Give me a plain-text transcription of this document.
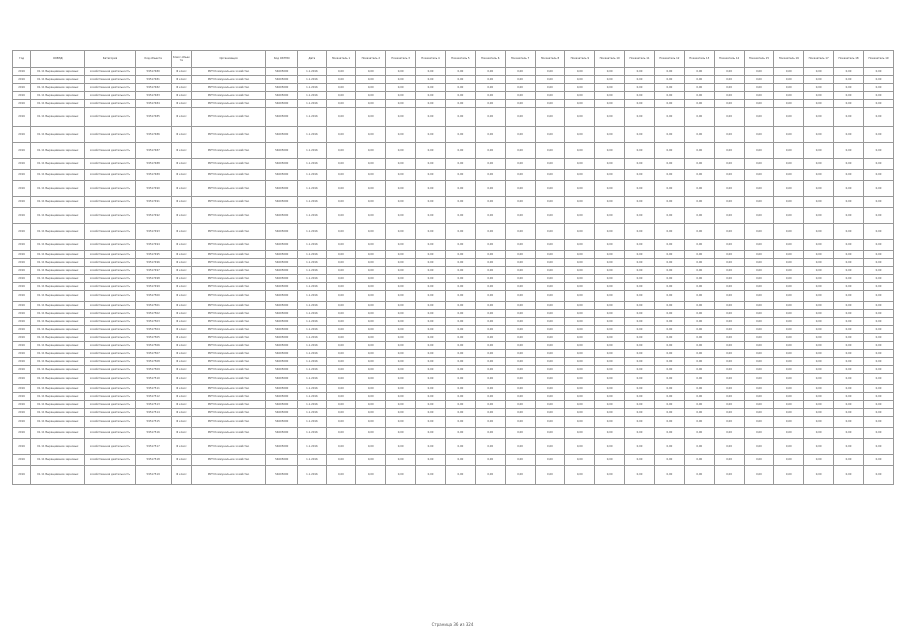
Год	ОКВЭД	Категория	Код объекта	Класс объекта	Организация	Код ОКТМО	Дата	Показатель 1	Показатель 2	Показатель 3	Показатель 4	Показатель 5	Показатель 6	Показатель 7	Показатель 8	Показатель 9	Показатель 10	Показатель 11	Показатель 12	Показатель 13	Показатель 14	Показатель 15	Показатель 16	Показатель 17	Показатель 18	Показатель 19
2016	01.11 Выращивание зерновых	хозяйственная деятельность	59517480	III класс	МУП Коммунальное хозяйство	54605000	1.1.2016	0,00	0,00	0,00	0,00	0,00	0,00	0,00	0,00	0,00	0,00	0,00	0,00	0,00	0,00	0,00	0,00	0,00	0,00	0,00
2016	01.11 Выращивание зерновых	хозяйственная деятельность	59517481	III класс	МУП Коммунальное хозяйство	54605000	1.1.2016	0,00	0,00	0,00	0,00	0,00	0,00	0,00	0,00	0,00	0,00	0,00	0,00	0,00	0,00	0,00	0,00	0,00	0,00	0,00
2016	01.11 Выращивание зерновых	хозяйственная деятельность	59517482	III класс	МУП Коммунальное хозяйство	54605000	1.1.2016	0,00	0,00	0,00	0,00	0,00	0,00	0,00	0,00	0,00	0,00	0,00	0,00	0,00	0,00	0,00	0,00	0,00	0,00	0,00
2016	01.11 Выращивание зерновых	хозяйственная деятельность	59517483	III класс	МУП Коммунальное хозяйство	54605000	1.1.2016	0,00	0,00	0,00	0,00	0,00	0,00	0,00	0,00	0,00	0,00	0,00	0,00	0,00	0,00	0,00	0,00	0,00	0,00	0,00
2016	01.11 Выращивание зерновых	хозяйственная деятельность	59517484	III класс	МУП Коммунальное хозяйство	54605000	1.1.2016	0,00	0,00	0,00	0,00	0,00	0,00	0,00	0,00	0,00	0,00	0,00	0,00	0,00	0,00	0,00	0,00	0,00	0,00	0,00
2016	01.11 Выращивание зерновых	хозяйственная деятельность	59517485	III класс	МУП Коммунальное хозяйство	54605000	1.1.2016	0,00	0,00	0,00	0,00	0,00	0,00	0,00	0,00	0,00	0,00	0,00	0,00	0,00	0,00	0,00	0,00	0,00	0,00	0,00
2016	01.11 Выращивание зерновых	хозяйственная деятельность	59517486	III класс	МУП Коммунальное хозяйство	54605000	1.1.2016	0,00	0,00	0,00	0,00	0,00	0,00	0,00	0,00	0,00	0,00	0,00	0,00	0,00	0,00	0,00	0,00	0,00	0,00	0,00
2016	01.11 Выращивание зерновых	хозяйственная деятельность	59517487	III класс	МУП Коммунальное хозяйство	54605000	1.1.2016	0,00	0,00	0,00	0,00	0,00	0,00	0,00	0,00	0,00	0,00	0,00	0,00	0,00	0,00	0,00	0,00	0,00	0,00	0,00
2016	01.11 Выращивание зерновых	хозяйственная деятельность	59517488	III класс	МУП Коммунальное хозяйство	54605000	1.1.2016	0,00	0,00	0,00	0,00	0,00	0,00	0,00	0,00	0,00	0,00	0,00	0,00	0,00	0,00	0,00	0,00	0,00	0,00	0,00
2016	01.11 Выращивание зерновых	хозяйственная деятельность	59517489	III класс	МУП Коммунальное хозяйство	54605000	1.1.2016	0,00	0,00	0,00	0,00	0,00	0,00	0,00	0,00	0,00	0,00	0,00	0,00	0,00	0,00	0,00	0,00	0,00	0,00	0,00
2016	01.11 Выращивание зерновых	хозяйственная деятельность	59517490	III класс	МУП Коммунальное хозяйство	54605000	1.1.2016	0,00	0,00	0,00	0,00	0,00	0,00	0,00	0,00	0,00	0,00	0,00	0,00	0,00	0,00	0,00	0,00	0,00	0,00	0,00
2016	01.11 Выращивание зерновых	хозяйственная деятельность	59517491	III класс	МУП Коммунальное хозяйство	54605000	1.1.2016	0,00	0,00	0,00	0,00	0,00	0,00	0,00	0,00	0,00	0,00	0,00	0,00	0,00	0,00	0,00	0,00	0,00	0,00	0,00
2016	01.11 Выращивание зерновых	хозяйственная деятельность	59517492	III класс	МУП Коммунальное хозяйство	54605000	1.1.2016	0,00	0,00	0,00	0,00	0,00	0,00	0,00	0,00	0,00	0,00	0,00	0,00	0,00	0,00	0,00	0,00	0,00	0,00	0,00
2016	01.11 Выращивание зерновых	хозяйственная деятельность	59517493	III класс	МУП Коммунальное хозяйство	54605000	1.1.2016	0,00	0,00	0,00	0,00	0,00	0,00	0,00	0,00	0,00	0,00	0,00	0,00	0,00	0,00	0,00	0,00	0,00	0,00	0,00
2016	01.11 Выращивание зерновых	хозяйственная деятельность	59517494	III класс	МУП Коммунальное хозяйство	54605000	1.1.2016	0,00	0,00	0,00	0,00	0,00	0,00	0,00	0,00	0,00	0,00	0,00	0,00	0,00	0,00	0,00	0,00	0,00	0,00	0,00
2016	01.11 Выращивание зерновых	хозяйственная деятельность	59517495	III класс	МУП Коммунальное хозяйство	54605000	1.1.2016	0,00	0,00	0,00	0,00	0,00	0,00	0,00	0,00	0,00	0,00	0,00	0,00	0,00	0,00	0,00	0,00	0,00	0,00	0,00
2016	01.11 Выращивание зерновых	хозяйственная деятельность	59517496	III класс	МУП Коммунальное хозяйство	54605000	1.1.2016	0,00	0,00	0,00	0,00	0,00	0,00	0,00	0,00	0,00	0,00	0,00	0,00	0,00	0,00	0,00	0,00	0,00	0,00	0,00
2016	01.11 Выращивание зерновых	хозяйственная деятельность	59517497	III класс	МУП Коммунальное хозяйство	54605000	1.1.2016	0,00	0,00	0,00	0,00	0,00	0,00	0,00	0,00	0,00	0,00	0,00	0,00	0,00	0,00	0,00	0,00	0,00	0,00	0,00
2016	01.11 Выращивание зерновых	хозяйственная деятельность	59517498	III класс	МУП Коммунальное хозяйство	54605000	1.1.2016	0,00	0,00	0,00	0,00	0,00	0,00	0,00	0,00	0,00	0,00	0,00	0,00	0,00	0,00	0,00	0,00	0,00	0,00	0,00
2016	01.11 Выращивание зерновых	хозяйственная деятельность	59517499	III класс	МУП Коммунальное хозяйство	54605000	1.1.2016	0,00	0,00	0,00	0,00	0,00	0,00	0,00	0,00	0,00	0,00	0,00	0,00	0,00	0,00	0,00	0,00	0,00	0,00	0,00
2016	01.11 Выращивание зерновых	хозяйственная деятельность	59517500	III класс	МУП Коммунальное хозяйство	54605000	1.1.2016	0,00	0,00	0,00	0,00	0,00	0,00	0,00	0,00	0,00	0,00	0,00	0,00	0,00	0,00	0,00	0,00	0,00	0,00	0,00
2016	01.11 Выращивание зерновых	хозяйственная деятельность	59517501	III класс	МУП Коммунальное хозяйство	54605000	1.1.2016	0,00	0,00	0,00	0,00	0,00	0,00	0,00	0,00	0,00	0,00	0,00	0,00	0,00	0,00	0,00	0,00	0,00	0,00	0,00
2016	01.11 Выращивание зерновых	хозяйственная деятельность	59517502	III класс	МУП Коммунальное хозяйство	54605000	1.1.2016	0,00	0,00	0,00	0,00	0,00	0,00	0,00	0,00	0,00	0,00	0,00	0,00	0,00	0,00	0,00	0,00	0,00	0,00	0,00
2016	01.11 Выращивание зерновых	хозяйственная деятельность	59517503	III класс	МУП Коммунальное хозяйство	54605000	1.1.2016	0,00	0,00	0,00	0,00	0,00	0,00	0,00	0,00	0,00	0,00	0,00	0,00	0,00	0,00	0,00	0,00	0,00	0,00	0,00
2016	01.11 Выращивание зерновых	хозяйственная деятельность	59517504	III класс	МУП Коммунальное хозяйство	54605000	1.1.2016	0,00	0,00	0,00	0,00	0,00	0,00	0,00	0,00	0,00	0,00	0,00	0,00	0,00	0,00	0,00	0,00	0,00	0,00	0,00
2016	01.11 Выращивание зерновых	хозяйственная деятельность	59517505	III класс	МУП Коммунальное хозяйство	54605000	1.1.2016	0,00	0,00	0,00	0,00	0,00	0,00	0,00	0,00	0,00	0,00	0,00	0,00	0,00	0,00	0,00	0,00	0,00	0,00	0,00
2016	01.11 Выращивание зерновых	хозяйственная деятельность	59517506	III класс	МУП Коммунальное хозяйство	54605000	1.1.2016	0,00	0,00	0,00	0,00	0,00	0,00	0,00	0,00	0,00	0,00	0,00	0,00	0,00	0,00	0,00	0,00	0,00	0,00	0,00
2016	01.11 Выращивание зерновых	хозяйственная деятельность	59517507	III класс	МУП Коммунальное хозяйство	54605000	1.1.2016	0,00	0,00	0,00	0,00	0,00	0,00	0,00	0,00	0,00	0,00	0,00	0,00	0,00	0,00	0,00	0,00	0,00	0,00	0,00
2016	01.11 Выращивание зерновых	хозяйственная деятельность	59517508	III класс	МУП Коммунальное хозяйство	54605000	1.1.2016	0,00	0,00	0,00	0,00	0,00	0,00	0,00	0,00	0,00	0,00	0,00	0,00	0,00	0,00	0,00	0,00	0,00	0,00	0,00
2016	01.11 Выращивание зерновых	хозяйственная деятельность	59517509	III класс	МУП Коммунальное хозяйство	54605000	1.1.2016	0,00	0,00	0,00	0,00	0,00	0,00	0,00	0,00	0,00	0,00	0,00	0,00	0,00	0,00	0,00	0,00	0,00	0,00	0,00
2016	01.11 Выращивание зерновых	хозяйственная деятельность	59517510	III класс	МУП Коммунальное хозяйство	54605000	1.1.2016	0,00	0,00	0,00	0,00	0,00	0,00	0,00	0,00	0,00	0,00	0,00	0,00	0,00	0,00	0,00	0,00	0,00	0,00	0,00
2016	01.11 Выращивание зерновых	хозяйственная деятельность	59517511	III класс	МУП Коммунальное хозяйство	54605000	1.1.2016	0,00	0,00	0,00	0,00	0,00	0,00	0,00	0,00	0,00	0,00	0,00	0,00	0,00	0,00	0,00	0,00	0,00	0,00	0,00
2016	01.11 Выращивание зерновых	хозяйственная деятельность	59517512	III класс	МУП Коммунальное хозяйство	54605000	1.1.2016	0,00	0,00	0,00	0,00	0,00	0,00	0,00	0,00	0,00	0,00	0,00	0,00	0,00	0,00	0,00	0,00	0,00	0,00	0,00
2016	01.11 Выращивание зерновых	хозяйственная деятельность	59517513	III класс	МУП Коммунальное хозяйство	54605000	1.1.2016	0,00	0,00	0,00	0,00	0,00	0,00	0,00	0,00	0,00	0,00	0,00	0,00	0,00	0,00	0,00	0,00	0,00	0,00	0,00
2016	01.11 Выращивание зерновых	хозяйственная деятельность	59517514	III класс	МУП Коммунальное хозяйство	54605000	1.1.2016	0,00	0,00	0,00	0,00	0,00	0,00	0,00	0,00	0,00	0,00	0,00	0,00	0,00	0,00	0,00	0,00	0,00	0,00	0,00
2016	01.11 Выращивание зерновых	хозяйственная деятельность	59517515	III класс	МУП Коммунальное хозяйство	54605000	1.1.2016	0,00	0,00	0,00	0,00	0,00	0,00	0,00	0,00	0,00	0,00	0,00	0,00	0,00	0,00	0,00	0,00	0,00	0,00	0,00
2016	01.11 Выращивание зерновых	хозяйственная деятельность	59517516	III класс	МУП Коммунальное хозяйство	54605000	1.1.2016	0,00	0,00	0,00	0,00	0,00	0,00	0,00	0,00	0,00	0,00	0,00	0,00	0,00	0,00	0,00	0,00	0,00	0,00	0,00
2016	01.11 Выращивание зерновых	хозяйственная деятельность	59517517	III класс	МУП Коммунальное хозяйство	54605000	1.1.2016	0,00	0,00	0,00	0,00	0,00	0,00	0,00	0,00	0,00	0,00	0,00	0,00	0,00	0,00	0,00	0,00	0,00	0,00	0,00
2016	01.11 Выращивание зерновых	хозяйственная деятельность	59517518	III класс	МУП Коммунальное хозяйство	54605000	1.1.2016	0,00	0,00	0,00	0,00	0,00	0,00	0,00	0,00	0,00	0,00	0,00	0,00	0,00	0,00	0,00	0,00	0,00	0,00	0,00
2016	01.11 Выращивание зерновых	хозяйственная деятельность	59517519	III класс	МУП Коммунальное хозяйство	54605000	1.1.2016	0,00	0,00	0,00	0,00	0,00	0,00	0,00	0,00	0,00	0,00	0,00	0,00	0,00	0,00	0,00	0,00	0,00	0,00	0,00
Страница 36 из 324
